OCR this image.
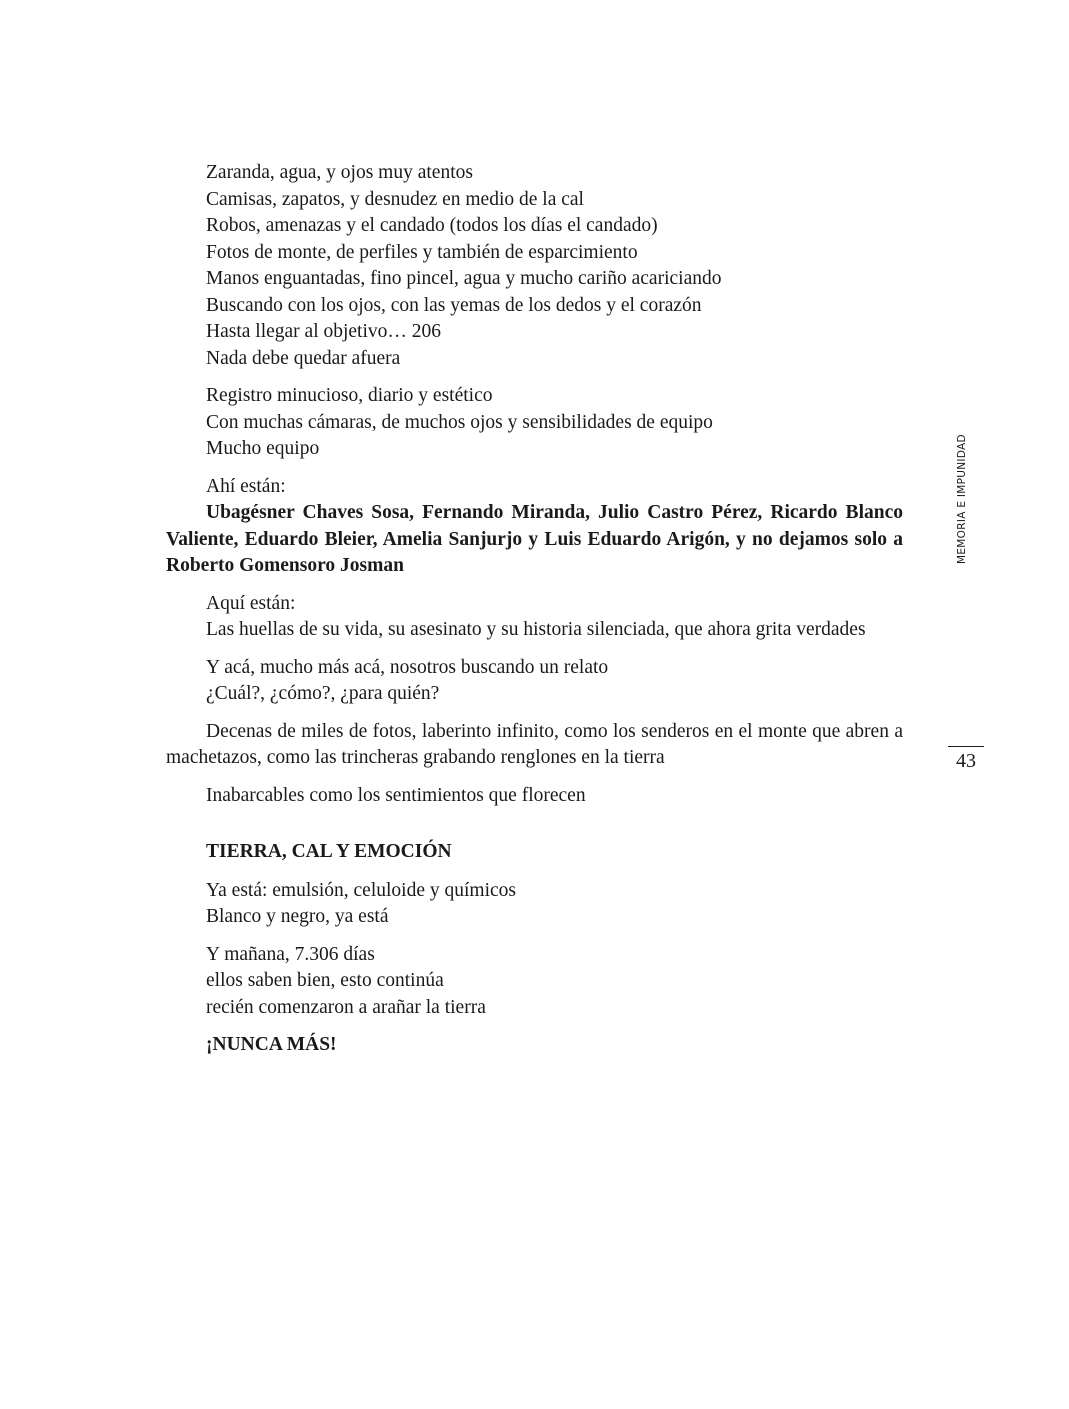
Zaranda, agua, y ojos muy atentos
Camisas, zapatos, y desnudez en medio de la cal
Robos, amenazas y el candado (todos los días el candado)
Fotos de monte, de perfiles y también de esparcimiento
Manos enguantadas, fino pincel, agua y mucho cariño acariciando
Buscando con los ojos, con las yemas de los dedos y el corazón
Hasta llegar al objetivo… 206
Nada debe quedar afuera
Registro minucioso, diario y estético
Con muchas cámaras, de muchos ojos y sensibilidades de equipo
Mucho equipo
Ahí están:
Ubagésner Chaves Sosa, Fernando Miranda, Julio Castro Pérez, Ricardo Blanco Valiente, Eduardo Bleier, Amelia Sanjurjo y Luis Eduardo Arigón, y no dejamos solo a Roberto Gomensoro Josman
Aquí están:
Las huellas de su vida, su asesinato y su historia silenciada, que ahora grita verdades
Y acá, mucho más acá, nosotros buscando un relato
¿Cuál?, ¿cómo?, ¿para quién?
Decenas de miles de fotos, laberinto infinito, como los senderos en el monte que abren a machetazos, como las trincheras grabando renglones en la tierra
Inabarcables como los sentimientos que florecen
TIERRA, CAL Y EMOCIÓN
Ya está: emulsión, celuloide y químicos
Blanco y negro, ya está
Y mañana, 7.306 días
ellos saben bien, esto continúa
recién comenzaron a arañar la tierra
¡NUNCA MÁS!
MEMORIA E IMPUNIDAD
43
